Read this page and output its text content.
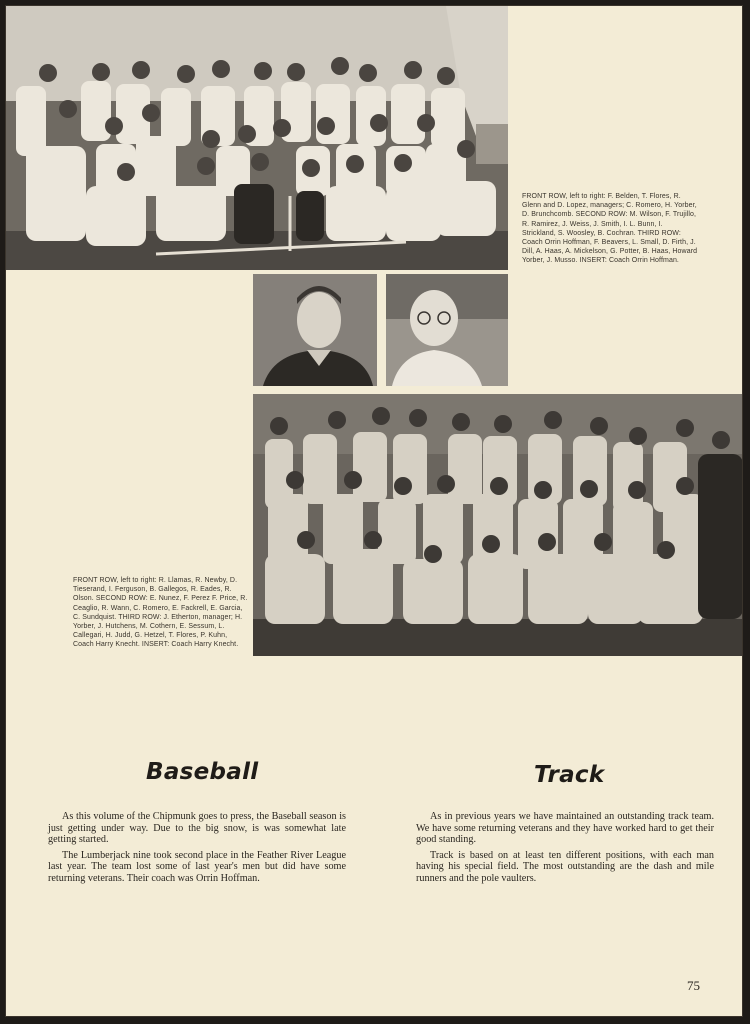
FRONT ROW, left to right: F. Belden, T. Flores, R. Glenn and D. Lopez, managers; C. Romero, H. Yorber, D. Brunchcomb. SECOND ROW: M. Wilson, F. Trujillo, R. Ramirez, J. Weiss, J. Smith, I. L. Bunn, I. Strickland, S. Woosley, B. Cochran. THIRD ROW: Coach Orrin Hoffman, F. Beavers, L. Small, D. Firth, J. Dill, A. Haas, A. Mickelson, G. Potter, B. Haas, Howard Yorber, J. Musso. INSERT: Coach Orrin Hoffman.
FRONT ROW, left to right: R. Llamas, R. Newby, D. Tieserand, I. Ferguson, B. Gallegos, R. Eades, R. Olson. SECOND ROW: E. Nunez, F. Perez F. Price, R. Ceaglio, R. Wann, C. Romero, E. Fackrell, E. Garcia, C. Sundquist. THIRD ROW: J. Etherton, manager; H. Yorber, J. Hutchens, M. Cothern, E. Sessum, L. Callegari, H. Judd, G. Hetzel, T. Flores, P. Kuhn, Coach Harry Knecht. INSERT: Coach Harry Knecht.
Baseball

As this volume of the Chipmunk goes to press, the Baseball season is just getting under way. Due to the big snow, is was somewhat late getting started.

The Lumberjack nine took second place in the Feather River League last year. The team lost some of last year's men but did have some returning veterans. Their coach was Orrin Hoffman.

Track

As in previous years we have maintained an outstanding track team. We have some returning veterans and they have worked hard to get their good standing.

Track is based on at least ten different positions, with each man having his special field. The most outstanding are the dash and mile runners and the pole vaulters.

75
